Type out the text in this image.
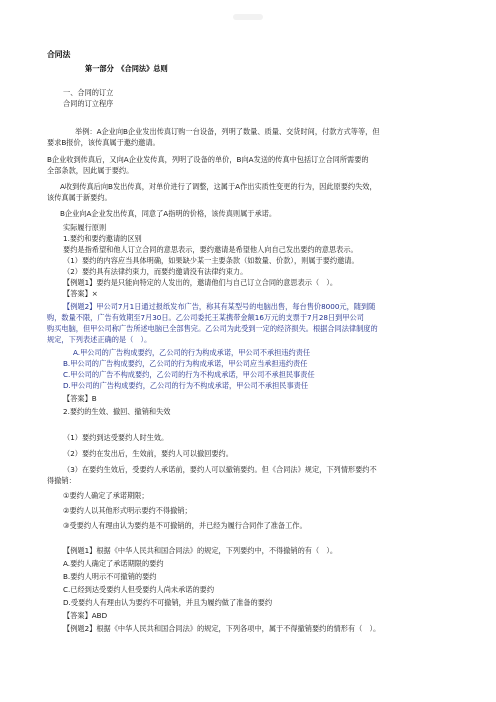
合同法
第一部分　《合同法》总则
一、合同的订立
合同的订立程序
举例：A企业向B企业发出传真订购一台设备，列明了数量、质量、交货时间，付款方式等等，但
要求B报价，该传真属于邀约邀请。
B企业收到传真后，又向A企业发传真，列明了设备的单价，B向A发送的传真中包括订立合同所需要的
全部条款，因此属于要约。
A收到传真后向B发出传真，对单价进行了调整，这属于A作出实质性变更的行为，因此原要约失效，
该传真属于新要约。
B企业向A企业发出传真，同意了A指明的价格，该传真则属于承诺。
实际履行原则
1.要约和要约邀请的区别
要约是指希望和他人订立合同的意思表示，要约邀请是希望他人向自己发出要约的意思表示。
（1）要约的内容应当具体明确，如果缺少某一主要条款（如数量、价款），则属于要约邀请。
（2）要约具有法律约束力，而要约邀请没有法律约束力。
【例题1】要约是只能向特定的人发出的，邀请他们与自己订立合同的意思表示（　）。
【答案】×
【例题2】甲公司7月1日通过报纸发布广告，称其有某型号的电脑出售，每台售价8000元，随到随
购，数量不限，广告有效期至7月30日。乙公司委托王某携带金额16万元的支票于7月28日到甲公司
购买电脑，但甲公司称广告所述电脑已全部售完。乙公司为此受到一定的经济损失。根据合同法律制度的
规定，下列表述正确的是（　）。
A.甲公司的广告构成要约，乙公司的行为构成承诺，甲公司不承担违约责任
B.甲公司的广告构成要约，乙公司的行为构成承诺，甲公司应当承担违约责任
C.甲公司的广告不构成要约，乙公司的行为不构成承诺，甲公司不承担民事责任
D.甲公司的广告构成要约，乙公司的行为不构成承诺，甲公司不承担民事责任
【答案】B
2.要约的生效、撤回、撤销和失效
（1）要约到达受要约人时生效。
（2）要约在发出后，生效前，要约人可以撤回要约。
（3）在要约生效后，受要约人承诺前，要约人可以撤销要约。但《合同法》规定，下列情形要约不
得撤销：
①要约人确定了承诺期限；
②要约人以其他形式明示要约不得撤销；
③受要约人有理由认为要约是不可撤销的，并已经为履行合同作了准备工作。
【例题1】根据《中华人民共和国合同法》的规定，下列要约中，不得撤销的有（　）。
A.要约人确定了承诺期限的要约
B.要约人明示不可撤销的要约
C.已经到达受要约人但受要约人尚未承诺的要约
D.受要约人有理由认为要约不可撤销，并且为履约做了准备的要约
【答案】ABD
【例题2】根据《中华人民共和国合同法》的规定，下列各项中，属于不得撤销要约的情形有（　）。
